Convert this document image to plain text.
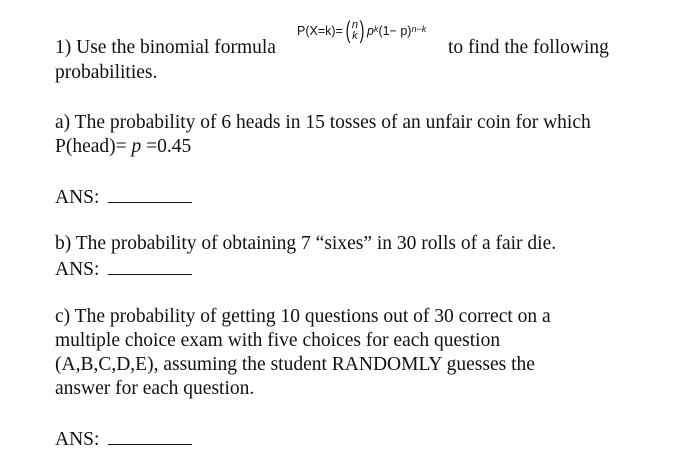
1) Use the binomial formula
P(X=k)= ( n
k ) $p^k$ $(1- p)^{n-k}$
to find the following
probabilities.
a) The probability of 6 heads in 15 tosses of an unfair coin for which
P(head)= p =0.45
ANS:
b) The probability of obtaining 7 “sixes” in 30 rolls of a fair die.
ANS:
c) The probability of getting 10 questions out of 30 correct on a
multiple choice exam with five choices for each question
(A,B,C,D,E), assuming the student RANDOMLY guesses the
answer for each question.
ANS:
